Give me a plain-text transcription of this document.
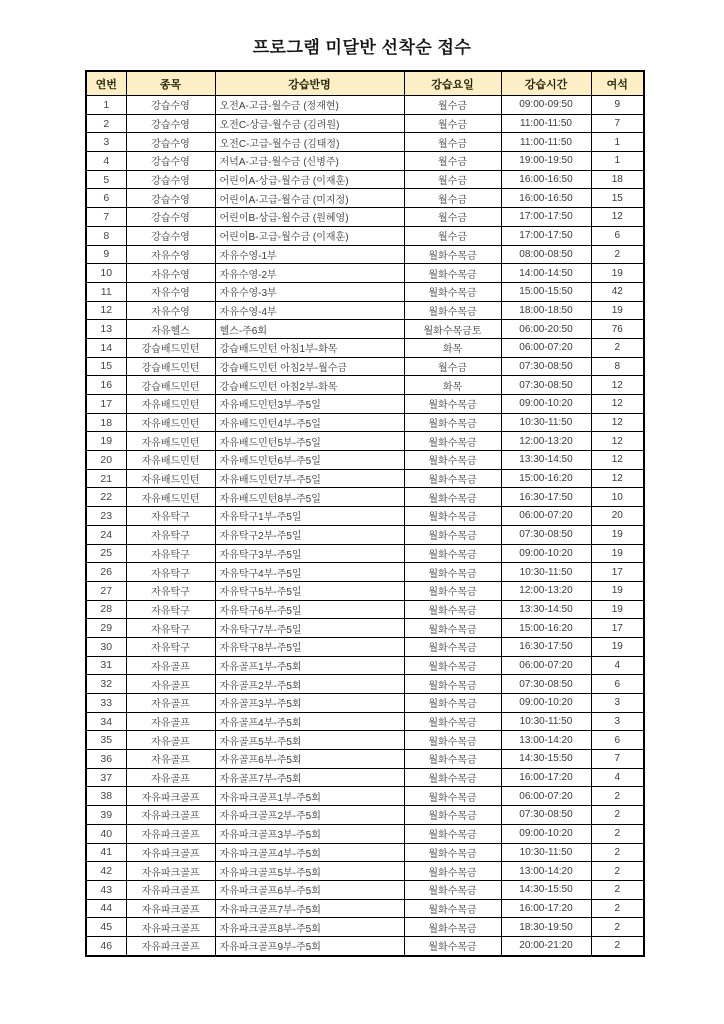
프로그램 미달반 선착순 접수
연번	종목	강습반명	강습요일	강습시간	여석
1	강습수영	오전A-고급-월수금 (정재현)	월수금	09:00-09:50	9
2	강습수영	오전C-상급-월수금 (김려원)	월수금	11:00-11:50	7
3	강습수영	오전C-고급-월수금 (김태정)	월수금	11:00-11:50	1
4	강습수영	저녁A-고급-월수금 (신병주)	월수금	19:00-19:50	1
5	강습수영	어린이A-상급-월수금 (이재훈)	월수금	16:00-16:50	18
6	강습수영	어린이A-고급-월수금 (미지정)	월수금	16:00-16:50	15
7	강습수영	어린이B-상급-월수금 (원혜영)	월수금	17:00-17:50	12
8	강습수영	어린이B-고급-월수금 (이재훈)	월수금	17:00-17:50	6
9	자유수영	자유수영-1부	월화수목금	08:00-08:50	2
10	자유수영	자유수영-2부	월화수목금	14:00-14:50	19
11	자유수영	자유수영-3부	월화수목금	15:00-15:50	42
12	자유수영	자유수영-4부	월화수목금	18:00-18:50	19
13	자유헬스	헬스-주6회	월화수목금토	06:00-20:50	76
14	강습배드민턴	강습배드민턴 아침1부-화목	화목	06:00-07:20	2
15	강습배드민턴	강습배드민턴 아침2부-월수금	월수금	07:30-08:50	8
16	강습배드민턴	강습배드민턴 아침2부-화목	화목	07:30-08:50	12
17	자유배드민턴	자유배드민턴3부-주5일	월화수목금	09:00-10:20	12
18	자유배드민턴	자유배드민턴4부-주5일	월화수목금	10:30-11:50	12
19	자유배드민턴	자유배드민턴5부-주5일	월화수목금	12:00-13:20	12
20	자유배드민턴	자유배드민턴6부-주5일	월화수목금	13:30-14:50	12
21	자유배드민턴	자유배드민턴7부-주5일	월화수목금	15:00-16:20	12
22	자유배드민턴	자유배드민턴8부-주5일	월화수목금	16:30-17:50	10
23	자유탁구	자유탁구1부-주5일	월화수목금	06:00-07:20	20
24	자유탁구	자유탁구2부-주5일	월화수목금	07:30-08:50	19
25	자유탁구	자유탁구3부-주5일	월화수목금	09:00-10:20	19
26	자유탁구	자유탁구4부-주5일	월화수목금	10:30-11:50	17
27	자유탁구	자유탁구5부-주5일	월화수목금	12:00-13:20	19
28	자유탁구	자유탁구6부-주5일	월화수목금	13:30-14:50	19
29	자유탁구	자유탁구7부-주5일	월화수목금	15:00-16:20	17
30	자유탁구	자유탁구8부-주5일	월화수목금	16:30-17:50	19
31	자유골프	자유골프1부-주5회	월화수목금	06:00-07:20	4
32	자유골프	자유골프2부-주5회	월화수목금	07:30-08:50	6
33	자유골프	자유골프3부-주5회	월화수목금	09:00-10:20	3
34	자유골프	자유골프4부-주5회	월화수목금	10:30-11:50	3
35	자유골프	자유골프5부-주5회	월화수목금	13:00-14:20	6
36	자유골프	자유골프6부-주5회	월화수목금	14:30-15:50	7
37	자유골프	자유골프7부-주5회	월화수목금	16:00-17:20	4
38	자유파크골프	자유파크골프1부-주5회	월화수목금	06:00-07:20	2
39	자유파크골프	자유파크골프2부-주5회	월화수목금	07:30-08:50	2
40	자유파크골프	자유파크골프3부-주5회	월화수목금	09:00-10:20	2
41	자유파크골프	자유파크골프4부-주5회	월화수목금	10:30-11:50	2
42	자유파크골프	자유파크골프5부-주5회	월화수목금	13:00-14:20	2
43	자유파크골프	자유파크골프6부-주5회	월화수목금	14:30-15:50	2
44	자유파크골프	자유파크골프7부-주5회	월화수목금	16:00-17:20	2
45	자유파크골프	자유파크골프8부-주5회	월화수목금	18:30-19:50	2
46	자유파크골프	자유파크골프9부-주5회	월화수목금	20:00-21:20	2
